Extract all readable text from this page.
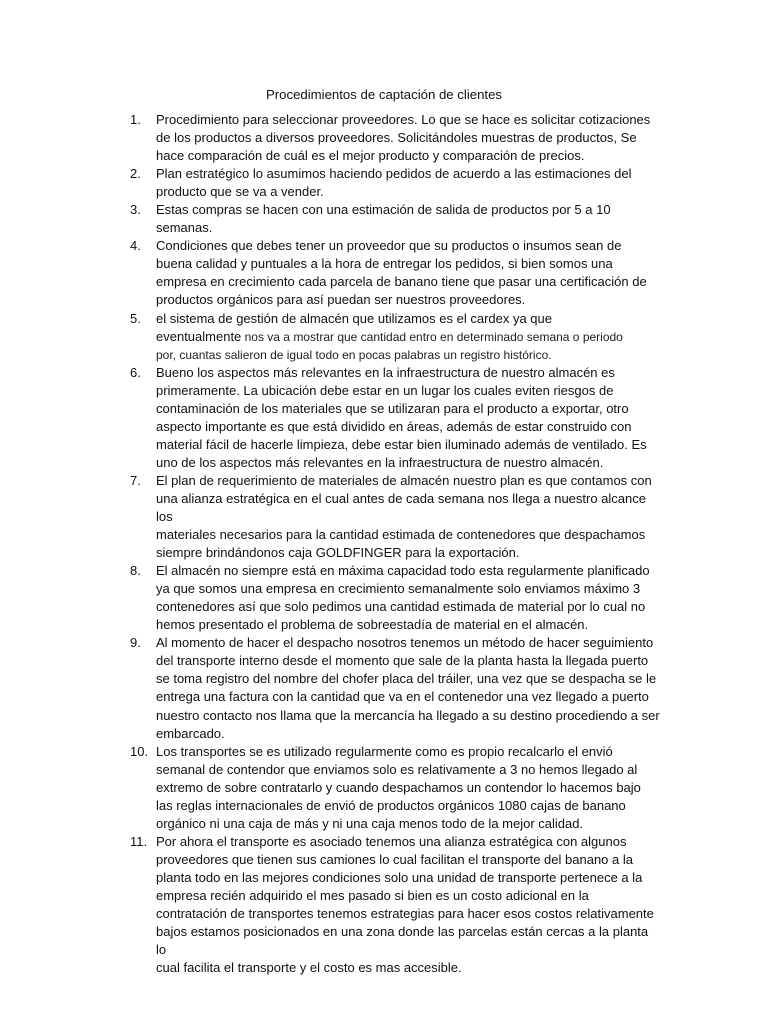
Procedimientos de captación de clientes
1.	Procedimiento para seleccionar proveedores. Lo que se hace es solicitar cotizaciones
de los productos a diversos proveedores. Solicitándoles muestras de productos, Se
hace comparación de cuál es el mejor producto y comparación de precios.
2.	Plan estratégico lo asumimos haciendo pedidos de acuerdo a las estimaciones del
producto que se va a vender.
3.	Estas compras se hacen con una estimación de salida de productos por 5 a 10
semanas.
4.	Condiciones que debes tener un proveedor que su productos o insumos sean de
buena calidad y puntuales a la hora de entregar los pedidos, si bien somos una
empresa en crecimiento cada parcela de banano tiene que pasar una certificación de
productos orgánicos para así puedan ser nuestros proveedores.
5.	el sistema de gestión de almacén que utilizamos es el cardex ya que
eventualmente nos va a mostrar que cantidad entro en determinado semana o periodo
por, cuantas salieron de igual todo en pocas palabras un registro histórico.
6.	Bueno los aspectos más relevantes en la infraestructura de nuestro almacén es
primeramente. La ubicación debe estar en un lugar los cuales eviten riesgos de
contaminación de los materiales que se utilizaran para el producto a exportar, otro
aspecto importante es que está dividido en áreas, además de estar construido con
material fácil de hacerle limpieza, debe estar bien iluminado además de ventilado. Es
uno de los aspectos más relevantes en la infraestructura de nuestro almacén.
7.	El plan de requerimiento de materiales de almacén nuestro plan es que contamos con
una alianza estratégica en el cual antes de cada semana nos llega a nuestro alcance los
materiales necesarios para la cantidad estimada de contenedores que despachamos
siempre brindándonos caja GOLDFINGER para la exportación.
8.	El almacén no siempre está en máxima capacidad todo esta regularmente planificado
ya que somos una empresa en crecimiento semanalmente solo enviamos máximo 3
contenedores así que solo pedimos una cantidad estimada de material por lo cual no
hemos presentado el problema de sobreestadía de material en el almacén.
9.	Al momento de hacer el despacho nosotros tenemos un método de hacer seguimiento
del transporte interno desde el momento que sale de la planta hasta la llegada puerto
se toma registro del nombre del chofer placa del tráiler, una vez que se despacha se le
entrega una factura con la cantidad que va en el contenedor una vez llegado a puerto
nuestro contacto nos llama que la mercancía ha llegado a su destino procediendo a ser
embarcado.
10. Los transportes se es utilizado regularmente como es propio recalcarlo el envió
semanal de contendor que enviamos solo es relativamente a 3 no hemos llegado al
extremo de sobre contratarlo y cuando despachamos un contendor lo hacemos bajo
las reglas internacionales de envió de productos orgánicos 1080 cajas de banano
orgánico ni una caja de más y ni una caja menos todo de la mejor calidad.
11. Por ahora el transporte es asociado tenemos una alianza estratégica con algunos
proveedores que tienen sus camiones lo cual facilitan el transporte del banano a la
planta todo en las mejores condiciones solo una unidad de transporte pertenece a la
empresa recién adquirido el mes pasado si bien es un costo adicional en la
contratación de transportes tenemos estrategias para hacer esos costos relativamente
bajos estamos posicionados en una zona donde las parcelas están cercas a la planta lo
cual facilita el transporte y el costo es mas accesible.
